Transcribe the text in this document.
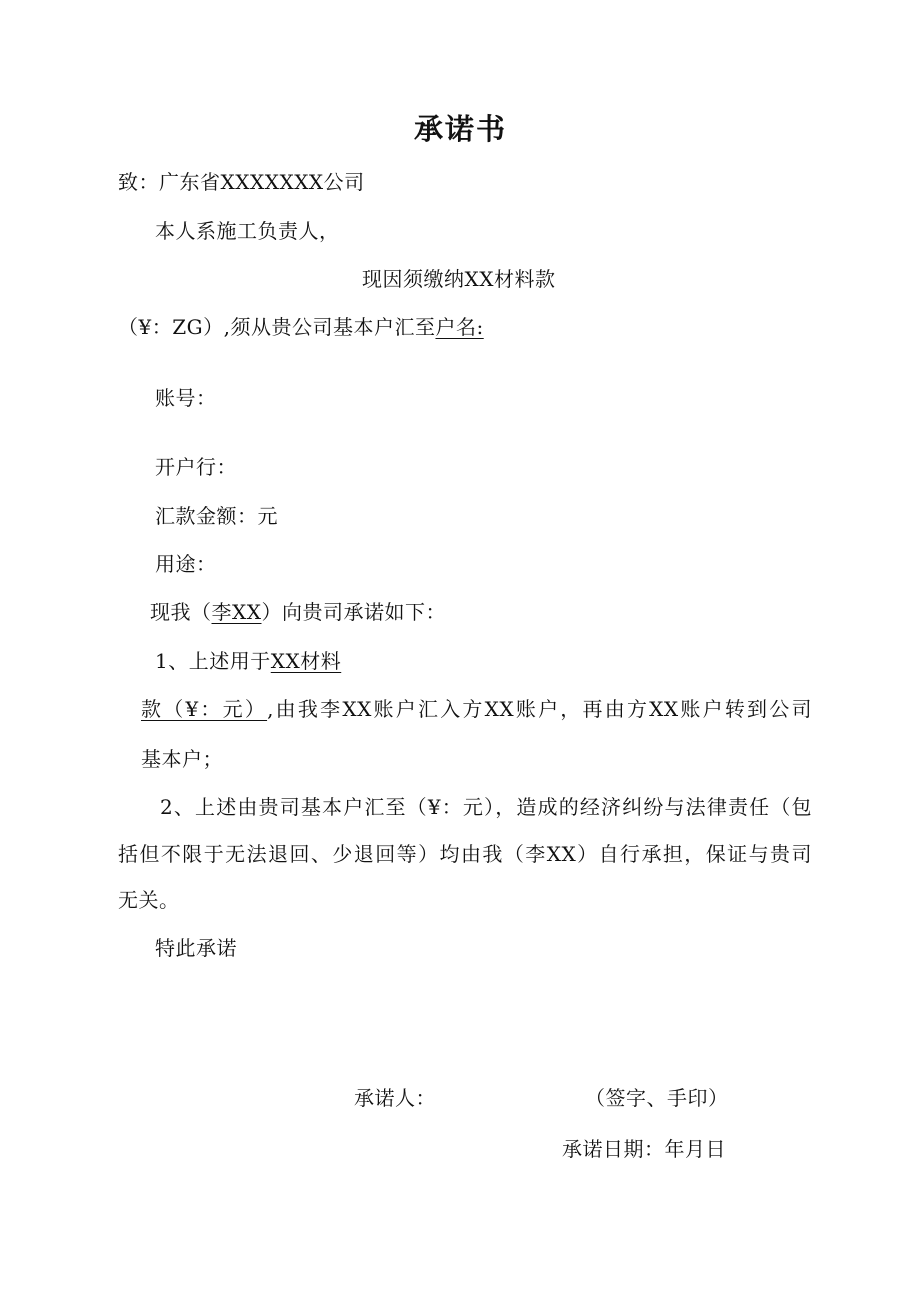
承诺书
致：广东省XXXXXXX公司
本人系施工负责人，
现因须缴纳XX材料款
（¥：ZG）,须从贵公司基本户汇至户名:
账号：
开户行：
汇款金额：元
用途：
现我（李XX）向贵司承诺如下：
1、上述用于XX材料
款（¥：元）,由我李XX账户汇入方XX账户，再由方XX账户转到公司
基本户；
2、上述由贵司基本户汇至（¥：元），造成的经济纠纷与法律责任（包
括但不限于无法退回、少退回等）均由我（李XX）自行承担，保证与贵司
无关。
特此承诺
承诺人：	（签字、手印）
承诺日期：年月日
